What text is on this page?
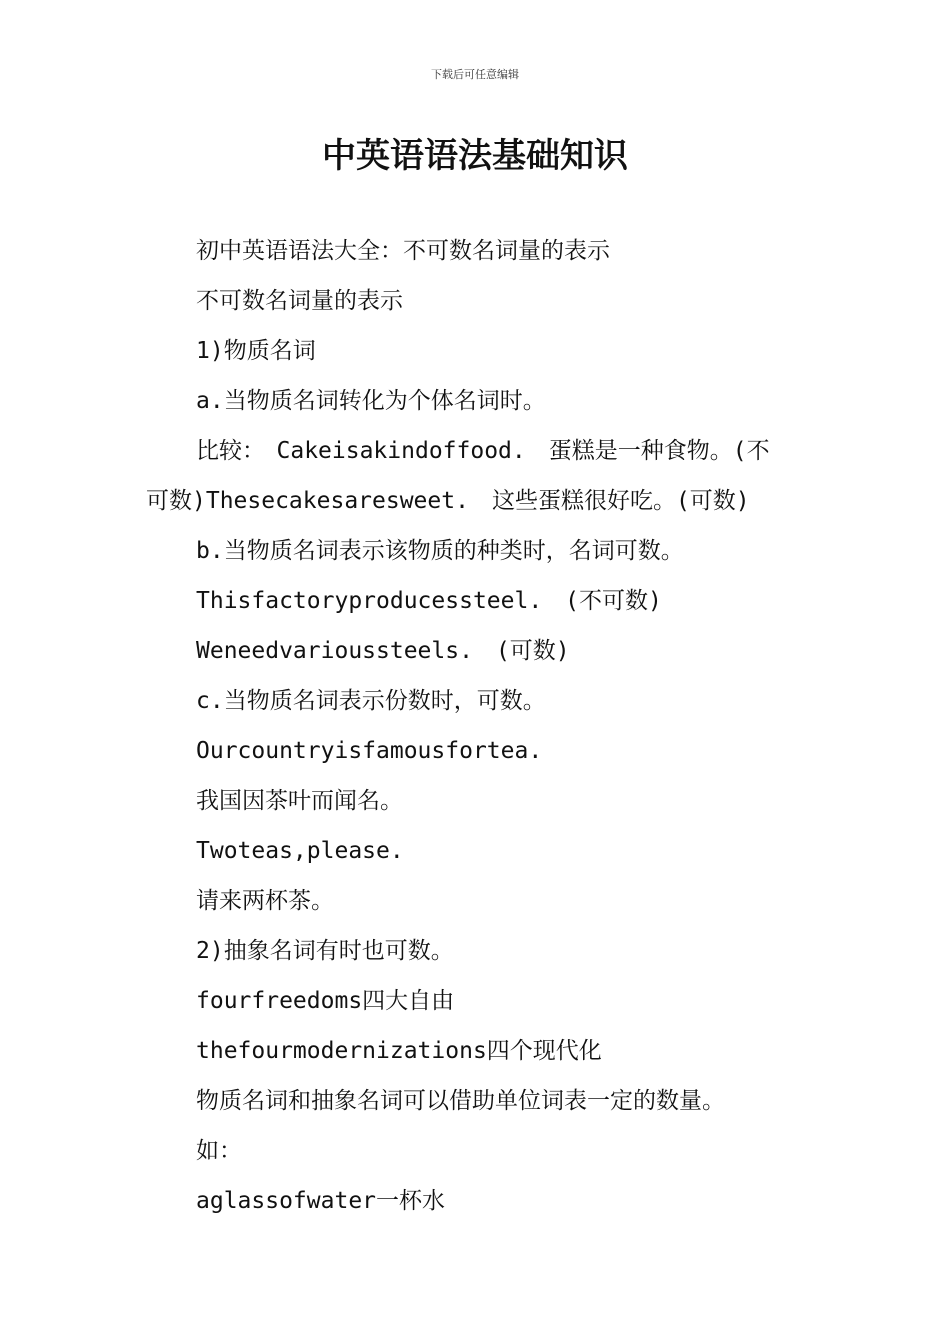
下载后可任意编辑
中英语语法基础知识
初中英语语法大全：不可数名词量的表示
不可数名词量的表示
1)物质名词
a.当物质名词转化为个体名词时。
比较：　Cakeisakindoffood.　蛋糕是一种食物。(不
可数)Thesecakesaresweet.　这些蛋糕很好吃。(可数)
b.当物质名词表示该物质的种类时，名词可数。
Thisfactoryproducessteel.　(不可数)
Weneedvarioussteels.　(可数)
c.当物质名词表示份数时，可数。
Ourcountryisfamousfortea.
我国因茶叶而闻名。
Twoteas,please.
请来两杯茶。
2)抽象名词有时也可数。
fourfreedoms四大自由
thefourmodernizations四个现代化
物质名词和抽象名词可以借助单位词表一定的数量。
如：
aglassofwater一杯水
